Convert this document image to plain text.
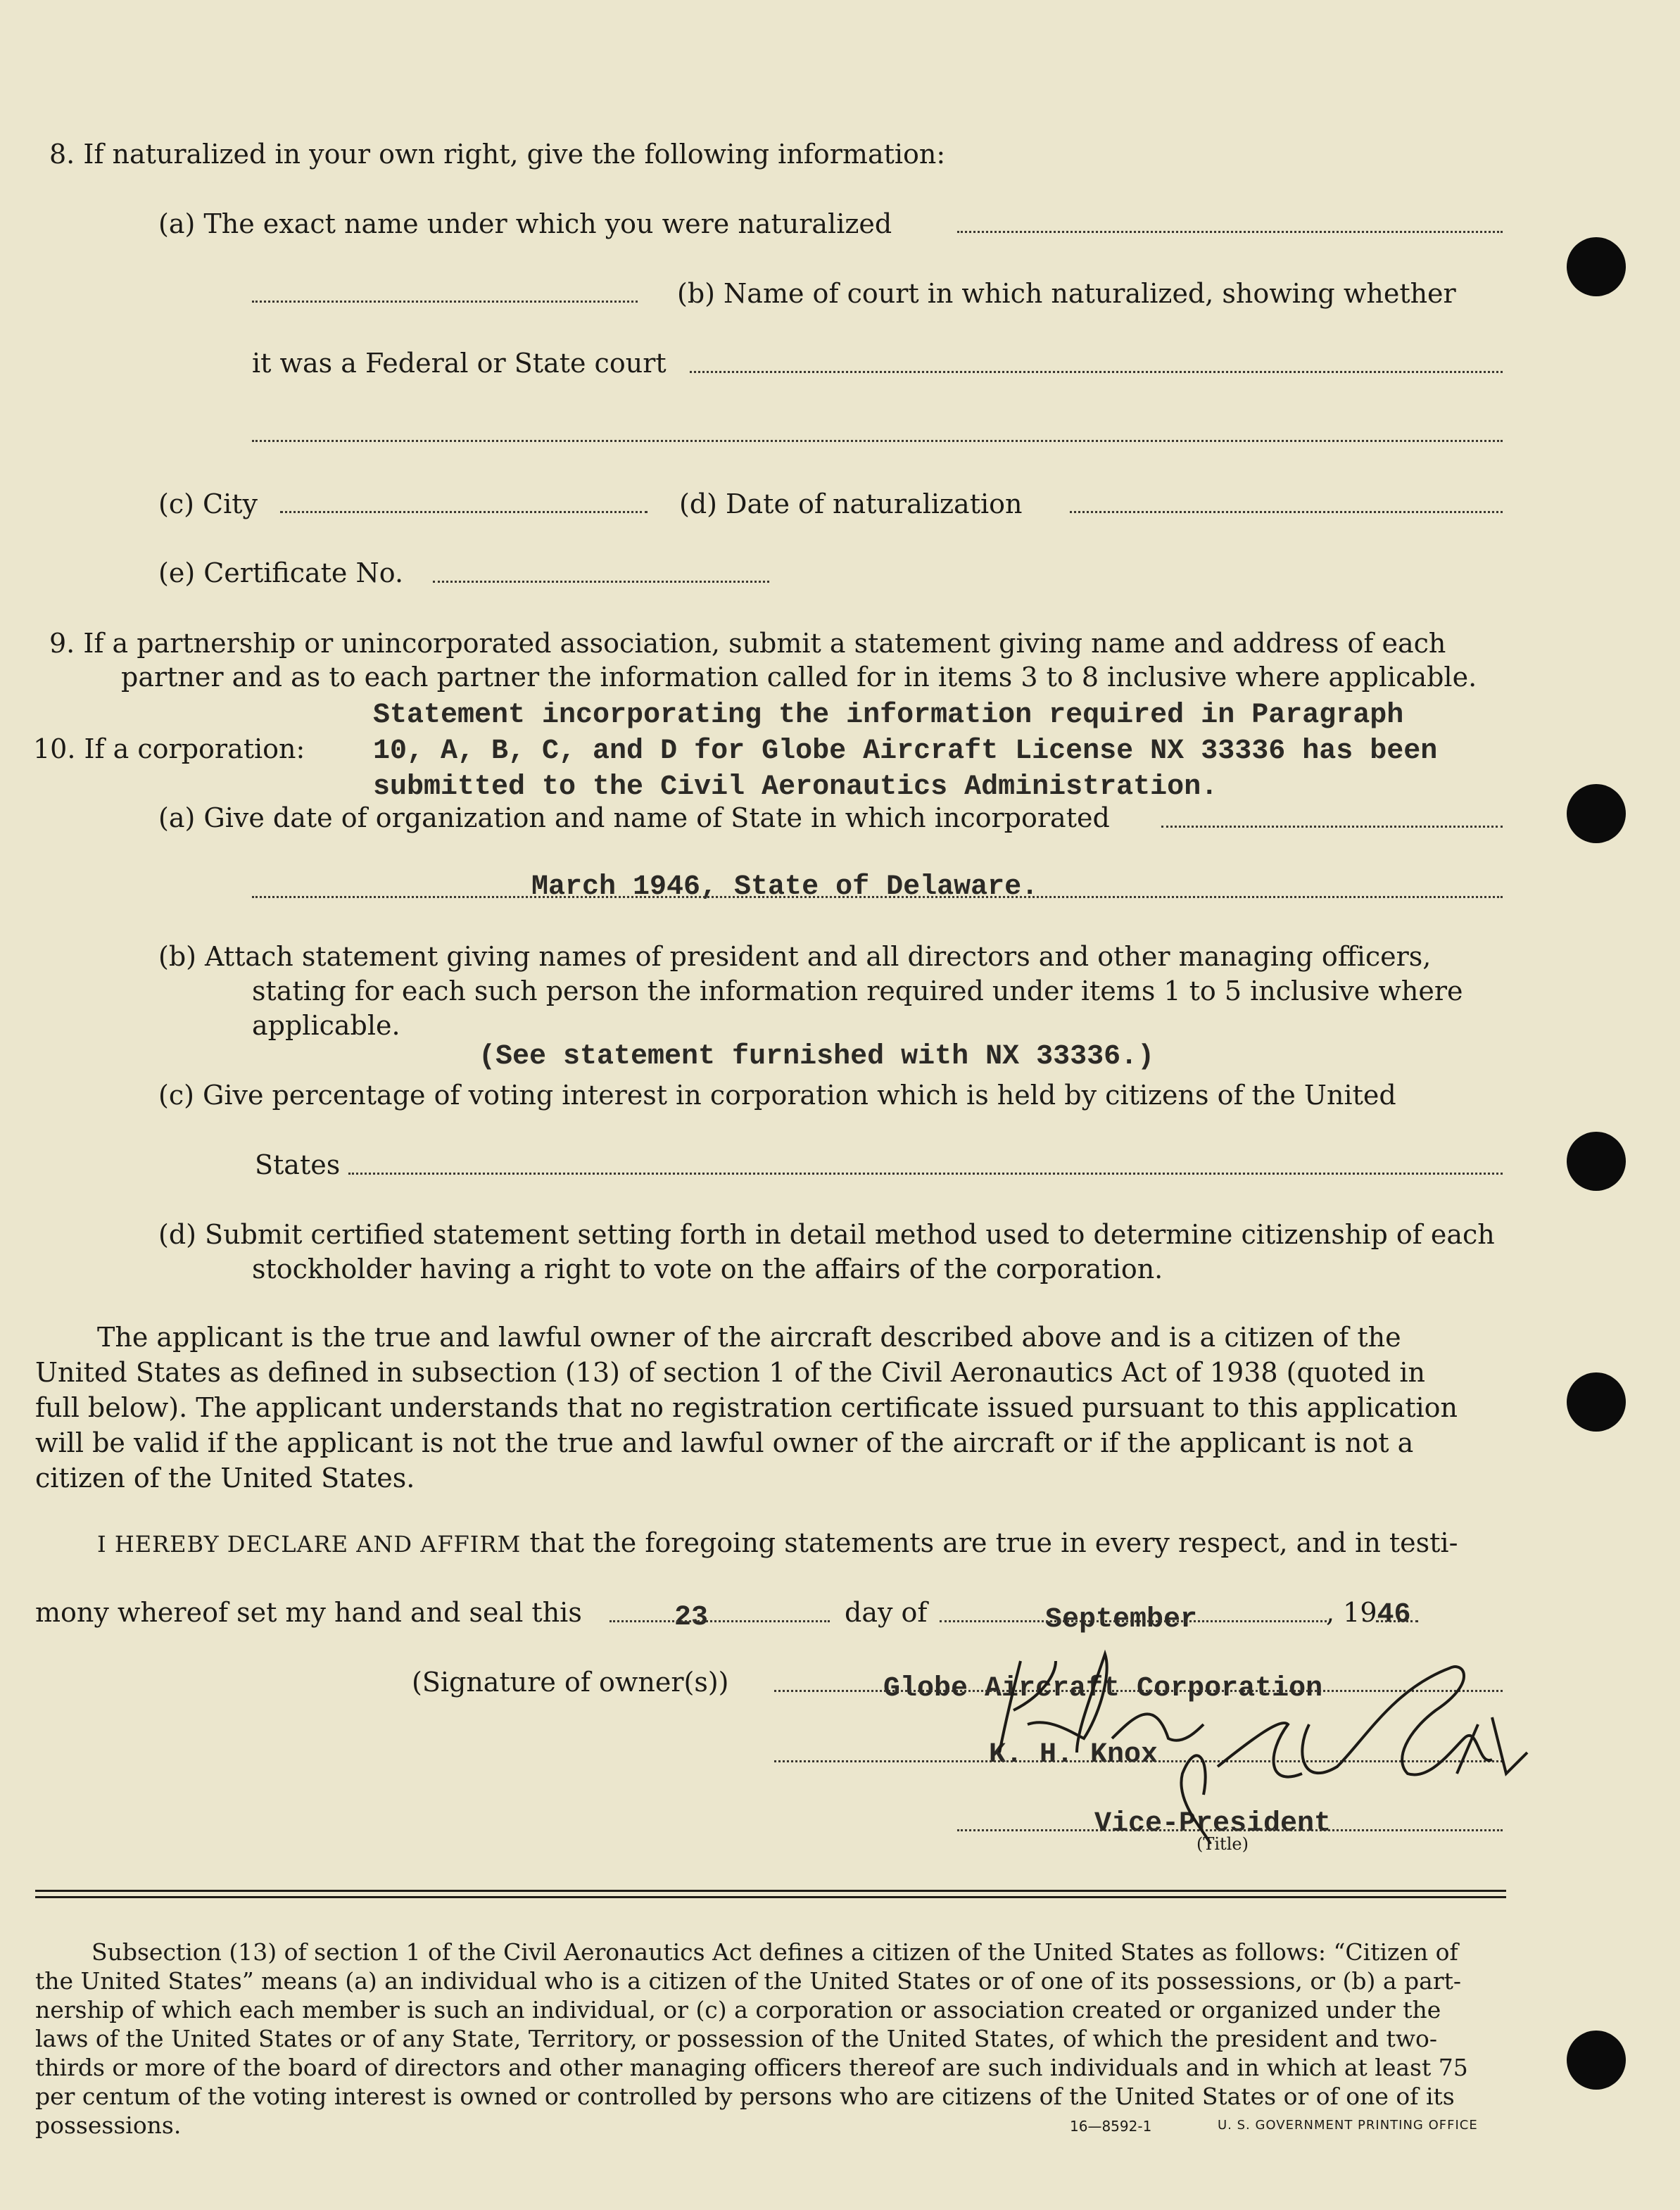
8. If naturalized in your own right, give the following information:
(a) The exact name under which you were naturalized
(b) Name of court in which naturalized, showing whether
it was a Federal or State court
(c) City	(d) Date of naturalization
(e) Certificate No.
9. If a partnership or unincorporated association, submit a statement giving name and address of each
partner and as to each partner the information called for in items 3 to 8 inclusive where applicable.
10. If a corporation:
Statement incorporating the information required in Paragraph
10, A, B, C, and D for Globe Aircraft License NX 33336 has been
submitted to the Civil Aeronautics Administration.
(a) Give date of organization and name of State in which incorporated
March 1946, State of Delaware.
(b) Attach statement giving names of president and all directors and other managing officers,
stating for each such person the information required under items 1 to 5 inclusive where
applicable.
(See statement furnished with NX 33336.)
(c) Give percentage of voting interest in corporation which is held by citizens of the United
States
(d) Submit certified statement setting forth in detail method used to determine citizenship of each
stockholder having a right to vote on the affairs of the corporation.
The applicant is the true and lawful owner of the aircraft described above and is a citizen of the
United States as defined in subsection (13) of section 1 of the Civil Aeronautics Act of 1938 (quoted in
full below). The applicant understands that no registration certificate issued pursuant to this application
will be valid if the applicant is not the true and lawful owner of the aircraft or if the applicant is not a
citizen of the United States.
I HEREBY DECLARE AND AFFIRM that the foregoing statements are true in every respect, and in testi-
mony whereof set my hand and seal this	23	day of	September	, 1946
(Signature of owner(s))	Globe Aircraft Corporation
K. H. Knox
Vice-President
(Title)
Subsection (13) of section 1 of the Civil Aeronautics Act defines a citizen of the United States as follows: “Citizen of
the United States” means (a) an individual who is a citizen of the United States or of one of its possessions, or (b) a part-
nership of which each member is such an individual, or (c) a corporation or association created or organized under the
laws of the United States or of any State, Territory, or possession of the United States, of which the president and two-
thirds or more of the board of directors and other managing officers thereof are such individuals and in which at least 75
per centum of the voting interest is owned or controlled by persons who are citizens of the United States or of one of its
possessions.	16—8592-1	U. S. GOVERNMENT PRINTING OFFICE
